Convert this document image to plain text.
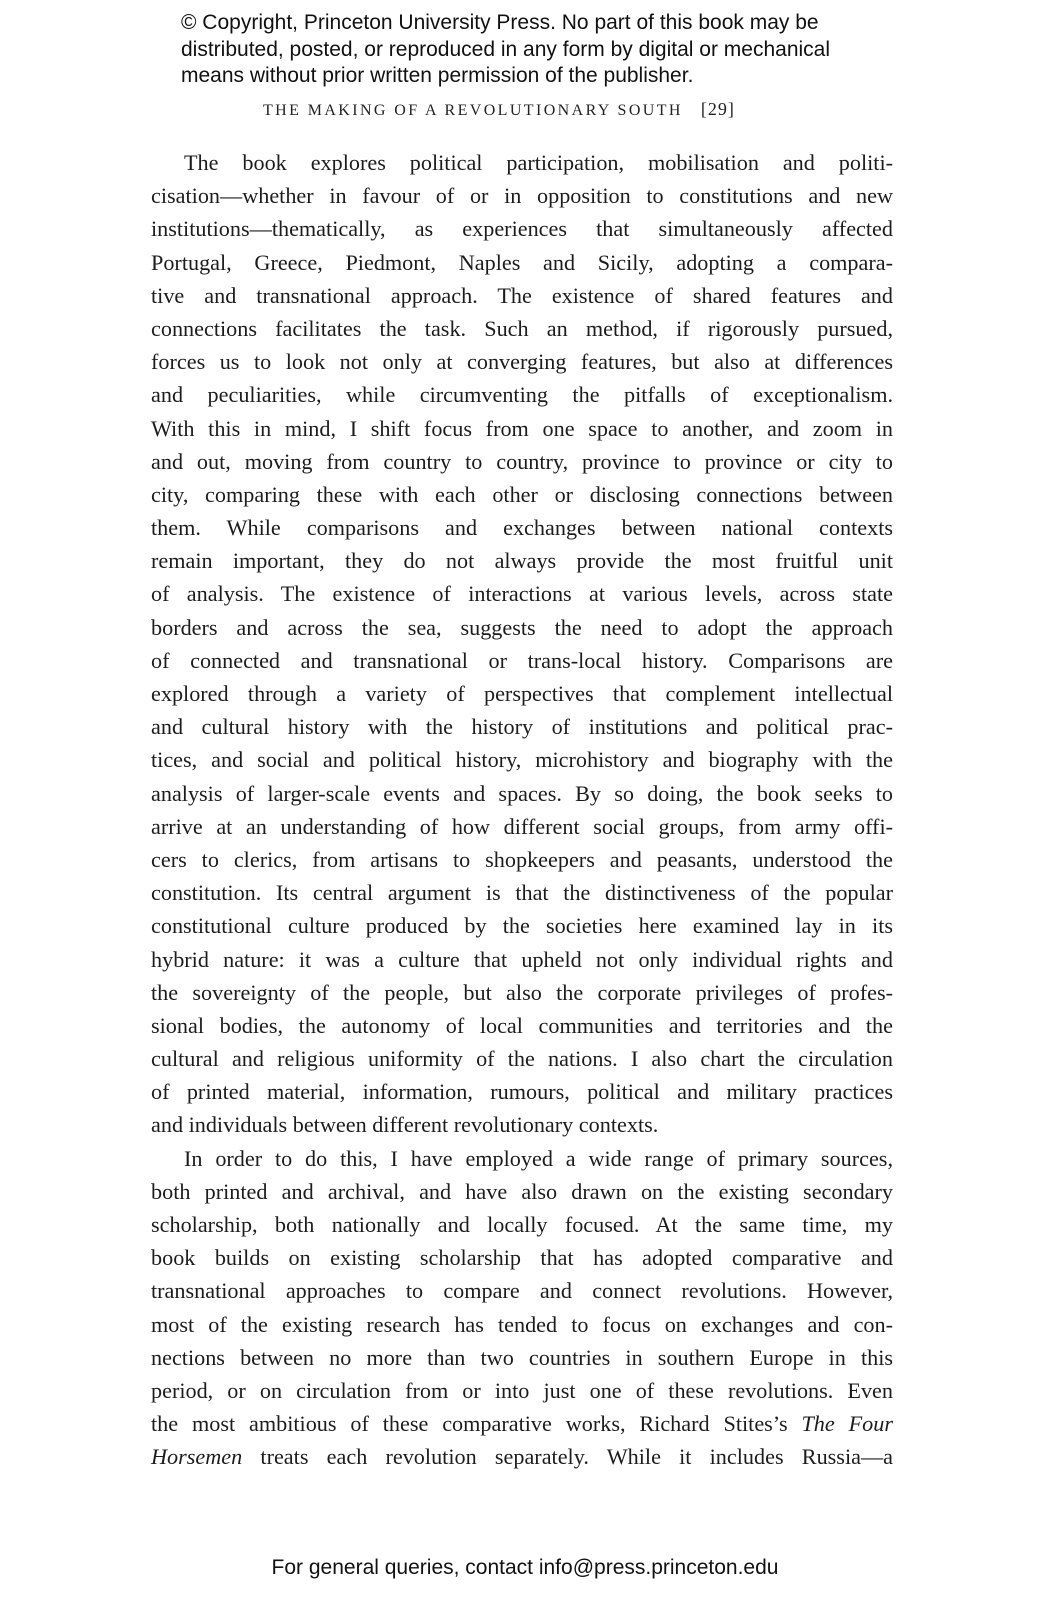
© Copyright, Princeton University Press. No part of this book may be
distributed, posted, or reproduced in any form by digital or mechanical
means without prior written permission of the publisher.
THE MAKING OF A REVOLUTIONARY SOUTH [29]
The book explores political participation, mobilisation and politi-
cisation—whether in favour of or in opposition to constitutions and new
institutions—thematically, as experiences that simultaneously affected
Portugal, Greece, Piedmont, Naples and Sicily, adopting a compara-
tive and transnational approach. The existence of shared features and
connections facilitates the task. Such an method, if rigorously pursued,
forces us to look not only at converging features, but also at differences
and peculiarities, while circumventing the pitfalls of exceptionalism.
With this in mind, I shift focus from one space to another, and zoom in
and out, moving from country to country, province to province or city to
city, comparing these with each other or disclosing connections between
them. While comparisons and exchanges between national contexts
remain important, they do not always provide the most fruitful unit
of analysis. The existence of interactions at various levels, across state
borders and across the sea, suggests the need to adopt the approach
of connected and transnational or trans-local history. Comparisons are
explored through a variety of perspectives that complement intellectual
and cultural history with the history of institutions and political prac-
tices, and social and political history, microhistory and biography with the
analysis of larger-scale events and spaces. By so doing, the book seeks to
arrive at an understanding of how different social groups, from army offi-
cers to clerics, from artisans to shopkeepers and peasants, understood the
constitution. Its central argument is that the distinctiveness of the popular
constitutional culture produced by the societies here examined lay in its
hybrid nature: it was a culture that upheld not only individual rights and
the sovereignty of the people, but also the corporate privileges of profes-
sional bodies, the autonomy of local communities and territories and the
cultural and religious uniformity of the nations. I also chart the circulation
of printed material, information, rumours, political and military practices
and individuals between different revolutionary contexts.
In order to do this, I have employed a wide range of primary sources,
both printed and archival, and have also drawn on the existing secondary
scholarship, both nationally and locally focused. At the same time, my
book builds on existing scholarship that has adopted comparative and
transnational approaches to compare and connect revolutions. However,
most of the existing research has tended to focus on exchanges and con-
nections between no more than two countries in southern Europe in this
period, or on circulation from or into just one of these revolutions. Even
the most ambitious of these comparative works, Richard Stites’s The Four
Horsemen treats each revolution separately. While it includes Russia—a
For general queries, contact info@press.princeton.edu
